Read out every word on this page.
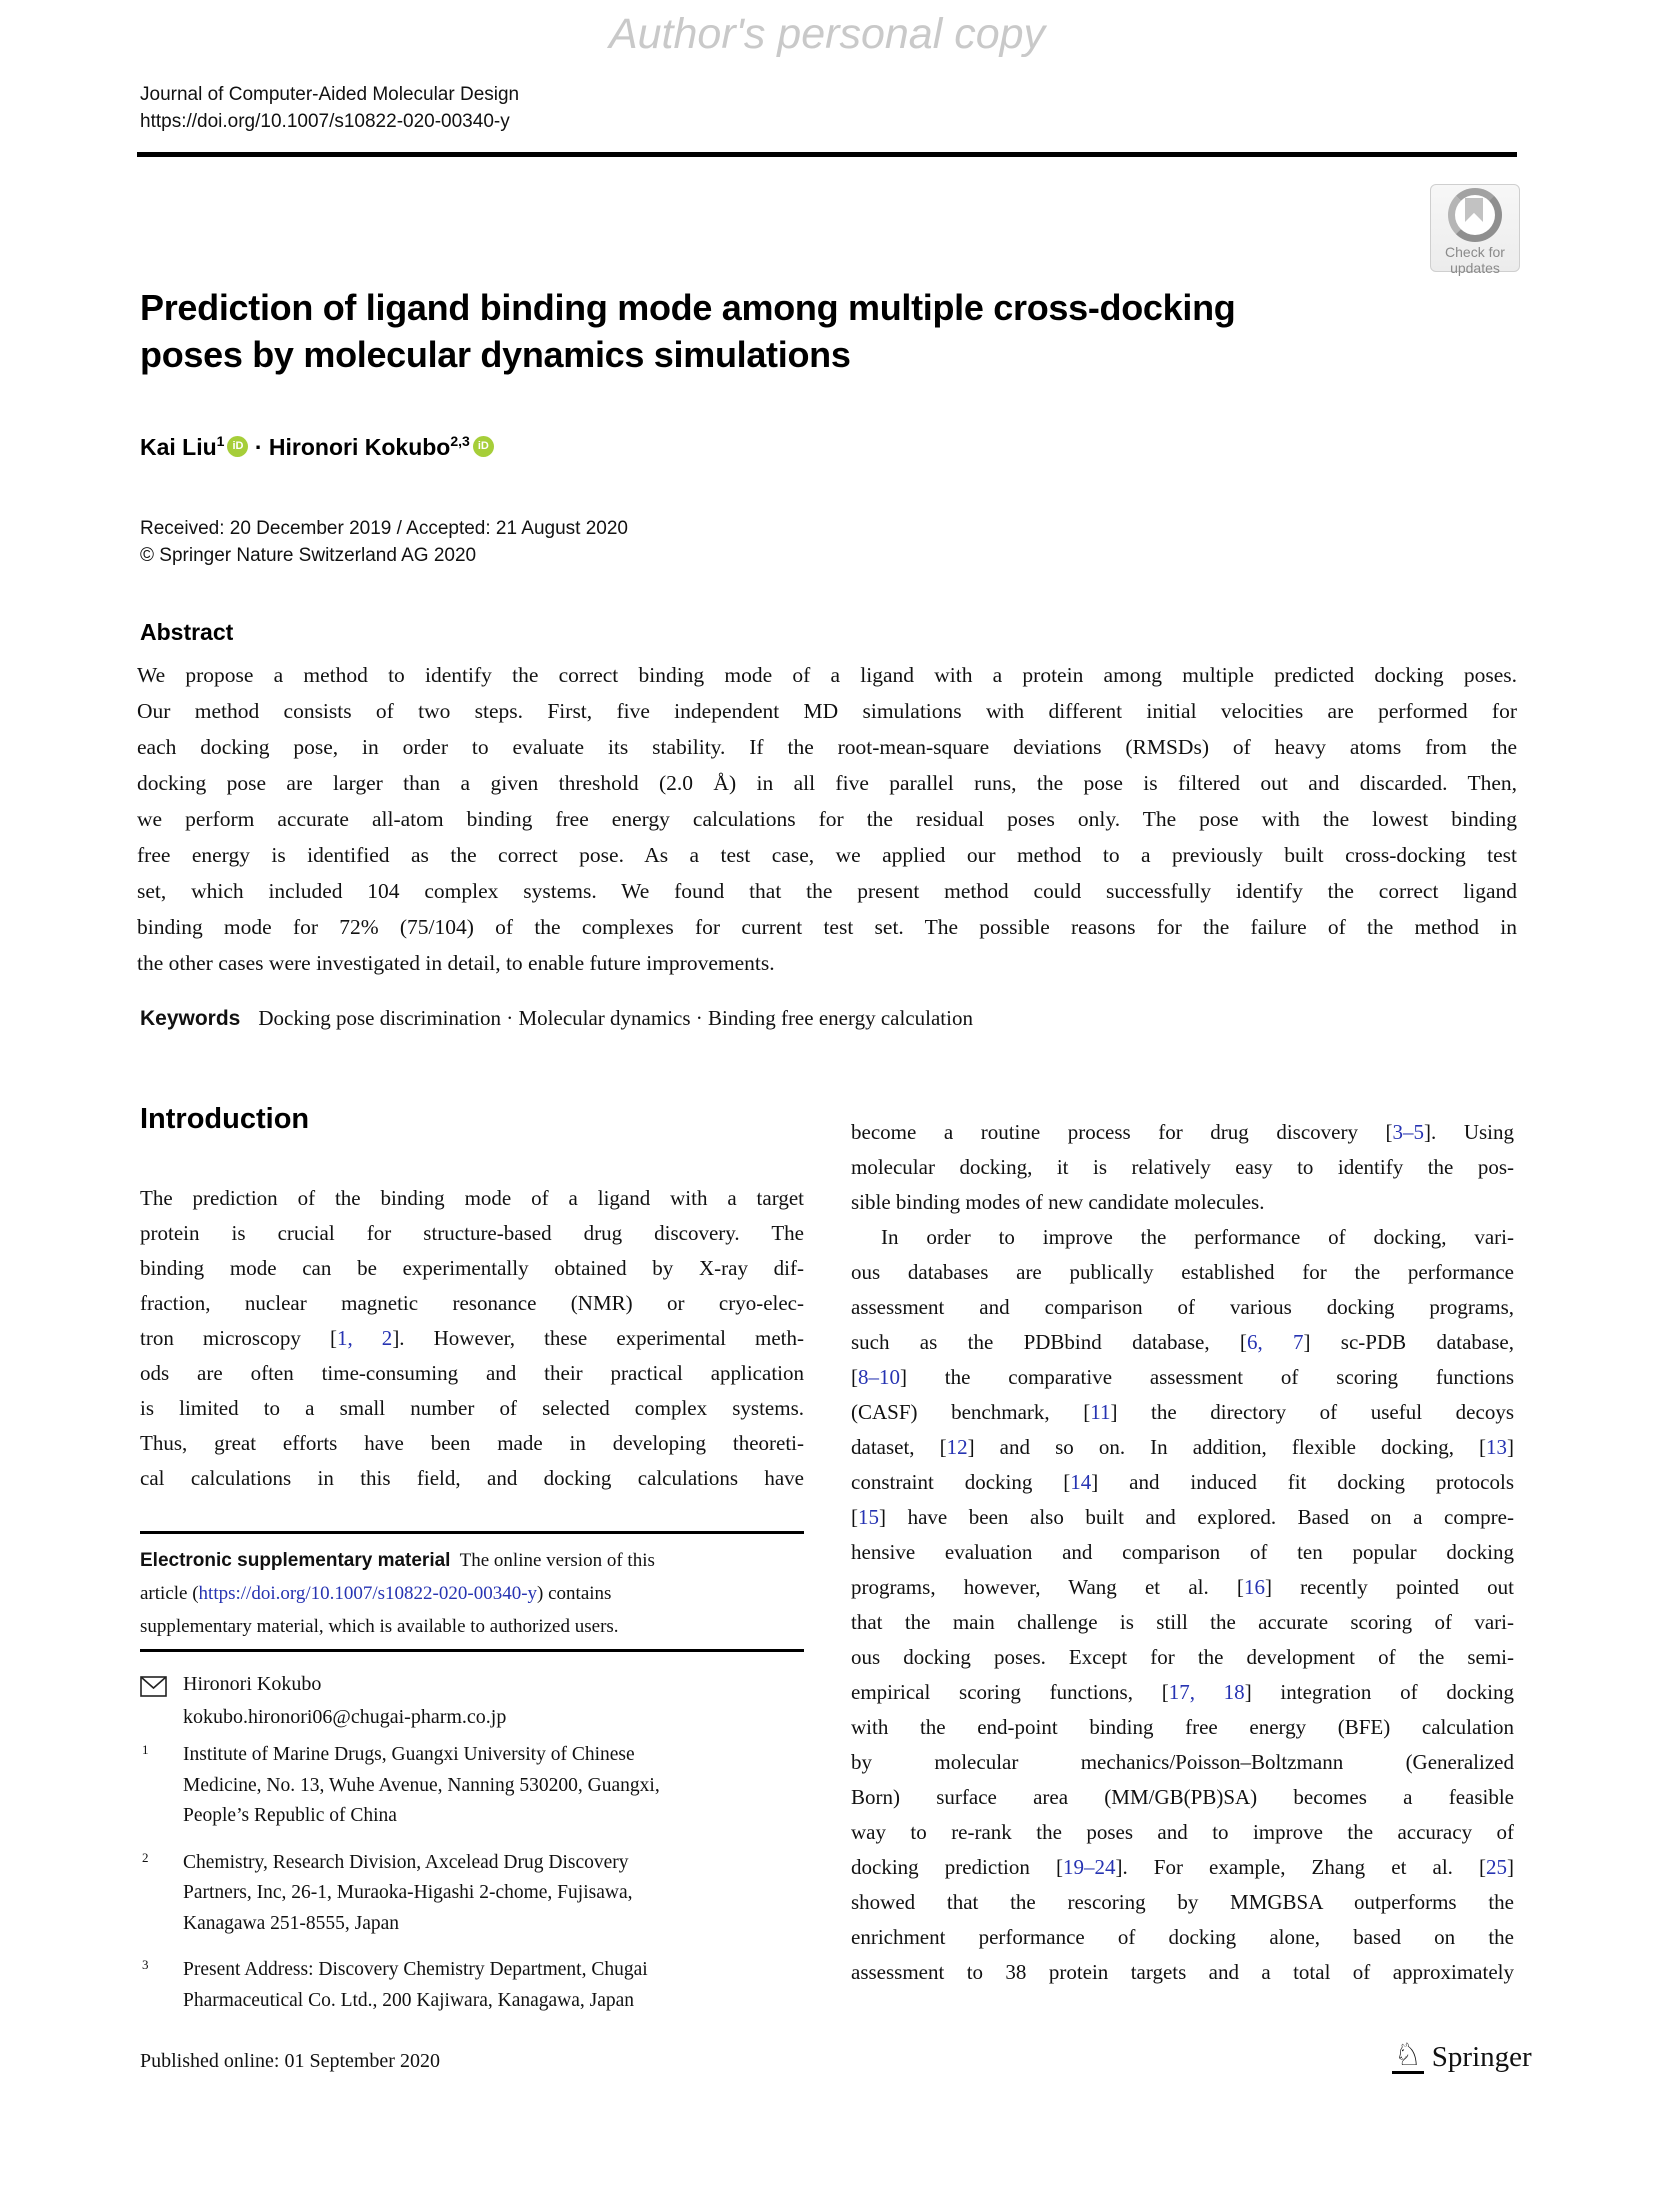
Author's personal copy
Journal of Computer-Aided Molecular Design
https://doi.org/10.1007/s10822-020-00340-y
Check for
updates
Prediction of ligand binding mode among multiple cross-docking
poses by molecular dynamics simulations
Kai Liu$^1$ iD · Hironori Kokubo$^{2,3}$ iD
Received: 20 December 2019 / Accepted: 21 August 2020
© Springer Nature Switzerland AG 2020
Abstract
We propose a method to identify the correct binding mode of a ligand with a protein among multiple predicted docking poses.
Our method consists of two steps. First, five independent MD simulations with different initial velocities are performed for
each docking pose, in order to evaluate its stability. If the root-mean-square deviations (RMSDs) of heavy atoms from the
docking pose are larger than a given threshold (2.0 Å) in all five parallel runs, the pose is filtered out and discarded. Then,
we perform accurate all-atom binding free energy calculations for the residual poses only. The pose with the lowest binding
free energy is identified as the correct pose. As a test case, we applied our method to a previously built cross-docking test
set, which included 104 complex systems. We found that the present method could successfully identify the correct ligand
binding mode for 72% (75/104) of the complexes for current test set. The possible reasons for the failure of the method in
the other cases were investigated in detail, to enable future improvements.
Keywords Docking pose discrimination · Molecular dynamics · Binding free energy calculation
Introduction
The prediction of the binding mode of a ligand with a target
protein is crucial for structure-based drug discovery. The
binding mode can be experimentally obtained by X-ray dif-
fraction, nuclear magnetic resonance (NMR) or cryo-elec-
tron microscopy [1, 2]. However, these experimental meth-
ods are often time-consuming and their practical application
is limited to a small number of selected complex systems.
Thus, great efforts have been made in developing theoreti-
cal calculations in this field, and docking calculations have
become a routine process for drug discovery [3–5]. Using
molecular docking, it is relatively easy to identify the pos-
sible binding modes of new candidate molecules.
In order to improve the performance of docking, vari-
ous databases are publically established for the performance
assessment and comparison of various docking programs,
such as the PDBbind database, [6, 7] sc-PDB database,
[8–10] the comparative assessment of scoring functions
(CASF) benchmark, [11] the directory of useful decoys
dataset, [12] and so on. In addition, flexible docking, [13]
constraint docking [14] and induced fit docking protocols
[15] have been also built and explored. Based on a compre-
hensive evaluation and comparison of ten popular docking
programs, however, Wang et al. [16] recently pointed out
that the main challenge is still the accurate scoring of vari-
ous docking poses. Except for the development of the semi-
empirical scoring functions, [17, 18] integration of docking
with the end-point binding free energy (BFE) calculation
by molecular mechanics/Poisson–Boltzmann (Generalized
Born) surface area (MM/GB(PB)SA) becomes a feasible
way to re-rank the poses and to improve the accuracy of
docking prediction [19–24]. For example, Zhang et al. [25]
showed that the rescoring by MMGBSA outperforms the
enrichment performance of docking alone, based on the
assessment to 38 protein targets and a total of approximately
Electronic supplementary material The online version of this
article (https://doi.org/10.1007/s10822-020-00340-y) contains
supplementary material, which is available to authorized users.
Hironori Kokubo
kokubo.hironori06@chugai-pharm.co.jp
1 Institute of Marine Drugs, Guangxi University of Chinese
Medicine, No. 13, Wuhe Avenue, Nanning 530200, Guangxi,
People’s Republic of China
2 Chemistry, Research Division, Axcelead Drug Discovery
Partners, Inc, 26-1, Muraoka-Higashi 2-chome, Fujisawa,
Kanagawa 251-8555, Japan
3 Present Address: Discovery Chemistry Department, Chugai
Pharmaceutical Co. Ltd., 200 Kajiwara, Kanagawa, Japan
Published online: 01 September 2020	♘ Springer
